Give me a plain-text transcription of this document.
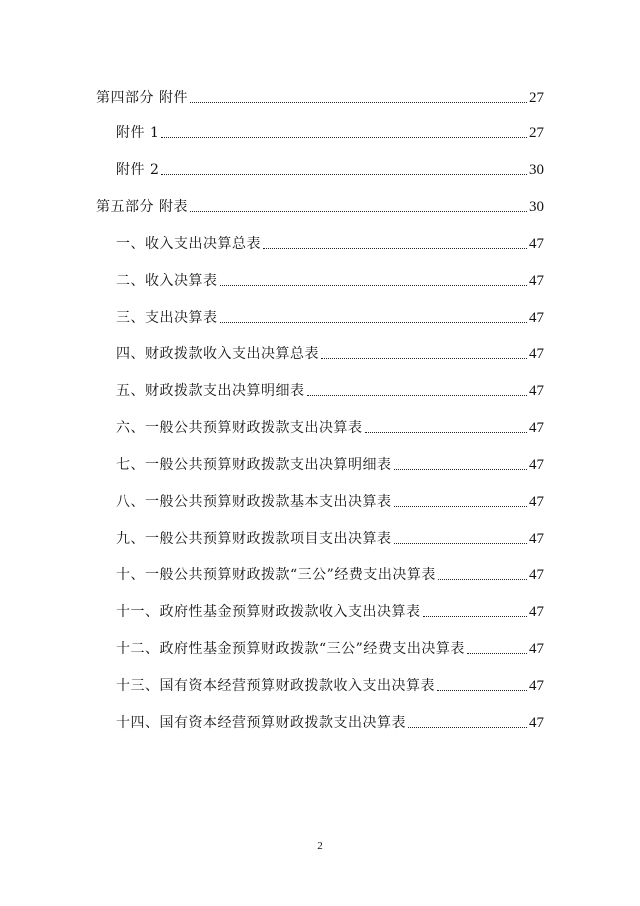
第四部分 附件	27
附件 1	27
附件 2	30
第五部分 附表	30
一、收入支出决算总表	47
二、收入决算表	47
三、支出决算表	47
四、财政拨款收入支出决算总表	47
五、财政拨款支出决算明细表	47
六、一般公共预算财政拨款支出决算表	47
七、一般公共预算财政拨款支出决算明细表	47
八、一般公共预算财政拨款基本支出决算表	47
九、一般公共预算财政拨款项目支出决算表	47
十、一般公共预算财政拨款“三公”经费支出决算表	47
十一、政府性基金预算财政拨款收入支出决算表	47
十二、政府性基金预算财政拨款“三公”经费支出决算表	47
十三、国有资本经营预算财政拨款收入支出决算表	47
十四、国有资本经营预算财政拨款支出决算表	47
2
